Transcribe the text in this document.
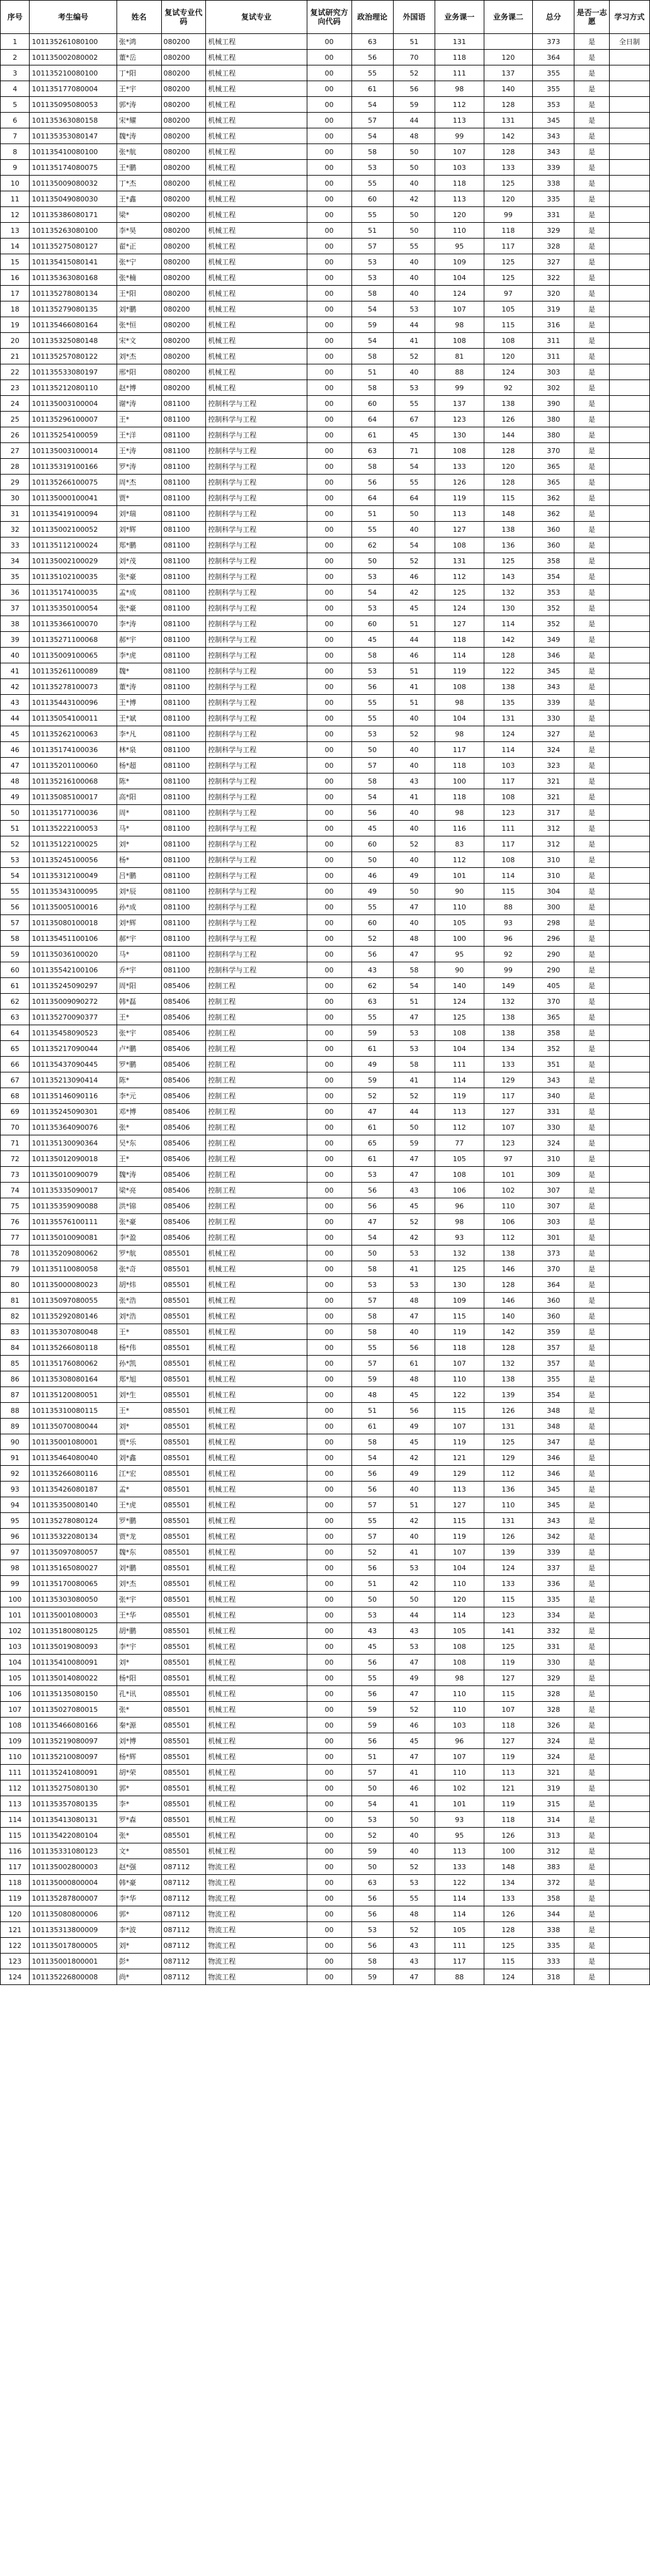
序号	考生编号	姓名	复试专业代码	复试专业	复试研究方向代码	政治理论	外国语	业务课一	业务课二	总分	是否一志愿	学习方式
1	101135261080100	张*鸿	080200	机械工程	00	63	51	131		373	是	全日制
2	101135002080002	董*岳	080200	机械工程	00	56	70	118	120	364	是	
3	101135210080100	丁*阳	080200	机械工程	00	55	52	111	137	355	是	
4	101135177080004	王*宇	080200	机械工程	00	61	56	98	140	355	是	
5	101135095080053	郭*涛	080200	机械工程	00	54	59	112	128	353	是	
6	101135363080158	宋*耀	080200	机械工程	00	57	44	113	131	345	是	
7	101135353080147	魏*涛	080200	机械工程	00	54	48	99	142	343	是	
8	101135410080100	张*航	080200	机械工程	00	58	50	107	128	343	是	
9	101135174080075	王*鹏	080200	机械工程	00	53	50	103	133	339	是	
10	101135009080032	丁*杰	080200	机械工程	00	55	40	118	125	338	是	
11	101135049080030	王*鑫	080200	机械工程	00	60	42	113	120	335	是	
12	101135386080171	梁*	080200	机械工程	00	55	50	120	99	331	是	
13	101135263080100	李*昊	080200	机械工程	00	51	50	110	118	329	是	
14	101135275080127	翟*正	080200	机械工程	00	57	55	95	117	328	是	
15	101135415080141	张*宁	080200	机械工程	00	53	40	109	125	327	是	
16	101135363080168	张*楠	080200	机械工程	00	53	40	104	125	322	是	
17	101135278080134	王*阳	080200	机械工程	00	58	40	124	97	320	是	
18	101135279080135	刘*鹏	080200	机械工程	00	54	53	107	105	319	是	
19	101135466080164	张*恒	080200	机械工程	00	59	44	98	115	316	是	
20	101135325080148	宋*文	080200	机械工程	00	54	41	108	108	311	是	
21	101135257080122	刘*杰	080200	机械工程	00	58	52	81	120	311	是	
22	101135533080197	邢*阳	080200	机械工程	00	51	40	88	124	303	是	
23	101135212080110	赵*博	080200	机械工程	00	58	53	99	92	302	是	
24	101135003100004	谢*涛	081100	控制科学与工程	00	60	55	137	138	390	是	
25	101135296100007	王*	081100	控制科学与工程	00	64	67	123	126	380	是	
26	101135254100059	王*洋	081100	控制科学与工程	00	61	45	130	144	380	是	
27	101135003100014	王*涛	081100	控制科学与工程	00	63	71	108	128	370	是	
28	101135319100166	罗*涛	081100	控制科学与工程	00	58	54	133	120	365	是	
29	101135266100075	周*杰	081100	控制科学与工程	00	56	55	126	128	365	是	
30	101135000100041	贾*	081100	控制科学与工程	00	64	64	119	115	362	是	
31	101135419100094	刘*瑞	081100	控制科学与工程	00	51	50	113	148	362	是	
32	101135002100052	刘*辉	081100	控制科学与工程	00	55	40	127	138	360	是	
33	101135112100024	郑*鹏	081100	控制科学与工程	00	62	54	108	136	360	是	
34	101135002100029	刘*茂	081100	控制科学与工程	00	50	52	131	125	358	是	
35	101135102100035	张*豪	081100	控制科学与工程	00	53	46	112	143	354	是	
36	101135174100035	孟*成	081100	控制科学与工程	00	54	42	125	132	353	是	
37	101135350100054	张*豪	081100	控制科学与工程	00	53	45	124	130	352	是	
38	101135366100070	李*涛	081100	控制科学与工程	00	60	51	127	114	352	是	
39	101135271100068	郝*宇	081100	控制科学与工程	00	45	44	118	142	349	是	
40	101135009100065	李*虎	081100	控制科学与工程	00	58	46	114	128	346	是	
41	101135261100089	魏*	081100	控制科学与工程	00	53	51	119	122	345	是	
42	101135278100073	董*涛	081100	控制科学与工程	00	56	41	108	138	343	是	
43	101135443100096	王*博	081100	控制科学与工程	00	55	51	98	135	339	是	
44	101135054100011	王*斌	081100	控制科学与工程	00	55	40	104	131	330	是	
45	101135262100063	李*凡	081100	控制科学与工程	00	53	52	98	124	327	是	
46	101135174100036	林*泉	081100	控制科学与工程	00	50	40	117	114	324	是	
47	101135201100060	杨*超	081100	控制科学与工程	00	57	40	118	103	323	是	
48	101135216100068	陈*	081100	控制科学与工程	00	58	43	100	117	321	是	
49	101135085100017	高*阳	081100	控制科学与工程	00	54	41	118	108	321	是	
50	101135177100036	周*	081100	控制科学与工程	00	56	40	98	123	317	是	
51	101135222100053	马*	081100	控制科学与工程	00	45	40	116	111	312	是	
52	101135122100025	刘*	081100	控制科学与工程	00	60	52	83	117	312	是	
53	101135245100056	杨*	081100	控制科学与工程	00	50	40	112	108	310	是	
54	101135312100049	吕*鹏	081100	控制科学与工程	00	46	49	101	114	310	是	
55	101135343100095	刘*辰	081100	控制科学与工程	00	49	50	90	115	304	是	
56	101135005100016	孙*成	081100	控制科学与工程	00	55	47	110	88	300	是	
57	101135080100018	刘*辉	081100	控制科学与工程	00	60	40	105	93	298	是	
58	101135451100106	郝*宇	081100	控制科学与工程	00	52	48	100	96	296	是	
59	101135036100020	马*	081100	控制科学与工程	00	56	47	95	92	290	是	
60	101135542100106	乔*宇	081100	控制科学与工程	00	43	58	90	99	290	是	
61	101135245090297	周*阳	085406	控制工程	00	62	54	140	149	405	是	
62	101135009090272	韩*磊	085406	控制工程	00	63	51	124	132	370	是	
63	101135270090377	王*	085406	控制工程	00	55	47	125	138	365	是	
64	101135458090523	张*宇	085406	控制工程	00	59	53	108	138	358	是	
65	101135217090044	卢*鹏	085406	控制工程	00	61	53	104	134	352	是	
66	101135437090445	罗*鹏	085406	控制工程	00	49	58	111	133	351	是	
67	101135213090414	陈*	085406	控制工程	00	59	41	114	129	343	是	
68	101135146090116	李*元	085406	控制工程	00	52	52	119	117	340	是	
69	101135245090301	邓*博	085406	控制工程	00	47	44	113	127	331	是	
70	101135364090076	张*	085406	控制工程	00	61	50	112	107	330	是	
71	101135130090364	吴*东	085406	控制工程	00	65	59	77	123	324	是	
72	101135012090018	王*	085406	控制工程	00	61	47	105	97	310	是	
73	101135010090079	魏*涛	085406	控制工程	00	53	47	108	101	309	是	
74	101135335090017	梁*亮	085406	控制工程	00	56	43	106	102	307	是	
75	101135359090088	洪*锦	085406	控制工程	00	56	45	96	110	307	是	
76	101135576100111	张*豪	085406	控制工程	00	47	52	98	106	303	是	
77	101135010090081	李*盈	085406	控制工程	00	54	42	93	112	301	是	
78	101135209080062	罗*航	085501	机械工程	00	50	53	132	138	373	是	
79	101135110080058	张*奇	085501	机械工程	00	58	41	125	146	370	是	
80	101135000080023	胡*炜	085501	机械工程	00	53	53	130	128	364	是	
81	101135097080055	张*浩	085501	机械工程	00	57	48	109	146	360	是	
82	101135292080146	刘*浩	085501	机械工程	00	58	47	115	140	360	是	
83	101135307080048	王*	085501	机械工程	00	58	40	119	142	359	是	
84	101135266080118	杨*伟	085501	机械工程	00	55	56	118	128	357	是	
85	101135176080062	孙*凯	085501	机械工程	00	57	61	107	132	357	是	
86	101135308080164	郑*旭	085501	机械工程	00	59	48	110	138	355	是	
87	101135120080051	刘*生	085501	机械工程	00	48	45	122	139	354	是	
88	101135310080115	王*	085501	机械工程	00	51	56	115	126	348	是	
89	101135070080044	刘*	085501	机械工程	00	61	49	107	131	348	是	
90	101135001080001	贾*乐	085501	机械工程	00	58	45	119	125	347	是	
91	101135464080040	刘*鑫	085501	机械工程	00	54	42	121	129	346	是	
92	101135266080116	江*宏	085501	机械工程	00	56	49	129	112	346	是	
93	101135426080187	孟*	085501	机械工程	00	56	40	113	136	345	是	
94	101135350080140	王*虎	085501	机械工程	00	57	51	127	110	345	是	
95	101135278080124	罗*鹏	085501	机械工程	00	55	42	115	131	343	是	
96	101135322080134	贾*龙	085501	机械工程	00	57	40	119	126	342	是	
97	101135097080057	魏*东	085501	机械工程	00	52	41	107	139	339	是	
98	101135165080027	刘*鹏	085501	机械工程	00	56	53	104	124	337	是	
99	101135170080065	刘*杰	085501	机械工程	00	51	42	110	133	336	是	
100	101135303080050	张*宇	085501	机械工程	00	50	50	120	115	335	是	
101	101135001080003	王*华	085501	机械工程	00	53	44	114	123	334	是	
102	101135180080125	胡*鹏	085501	机械工程	00	43	43	105	141	332	是	
103	101135019080093	李*宇	085501	机械工程	00	45	53	108	125	331	是	
104	101135410080091	刘*	085501	机械工程	00	56	47	108	119	330	是	
105	101135014080022	杨*阳	085501	机械工程	00	55	49	98	127	329	是	
106	101135135080150	孔*讯	085501	机械工程	00	56	47	110	115	328	是	
107	101135027080015	张*	085501	机械工程	00	59	52	110	107	328	是	
108	101135466080166	秦*源	085501	机械工程	00	59	46	103	118	326	是	
109	101135219080097	刘*博	085501	机械工程	00	56	45	96	127	324	是	
110	101135210080097	杨*辉	085501	机械工程	00	51	47	107	119	324	是	
111	101135241080091	胡*荣	085501	机械工程	00	57	41	110	113	321	是	
112	101135275080130	郭*	085501	机械工程	00	50	46	102	121	319	是	
113	101135357080135	李*	085501	机械工程	00	54	41	101	119	315	是	
114	101135413080131	罗*森	085501	机械工程	00	53	50	93	118	314	是	
115	101135422080104	张*	085501	机械工程	00	52	40	95	126	313	是	
116	101135331080123	文*	085501	机械工程	00	59	40	113	100	312	是	
117	101135002800003	赵*强	087112	物流工程	00	50	52	133	148	383	是	
118	101135000800004	韩*豪	087112	物流工程	00	63	53	122	134	372	是	
119	101135287800007	李*华	087112	物流工程	00	56	55	114	133	358	是	
120	101135080800006	郭*	087112	物流工程	00	56	48	114	126	344	是	
121	101135313800009	李*波	087112	物流工程	00	53	52	105	128	338	是	
122	101135017800005	刘*	087112	物流工程	00	56	43	111	125	335	是	
123	101135001800001	彭*	087112	物流工程	00	58	43	117	115	333	是	
124	101135226800008	尚*	087112	物流工程	00	59	47	88	124	318	是	
